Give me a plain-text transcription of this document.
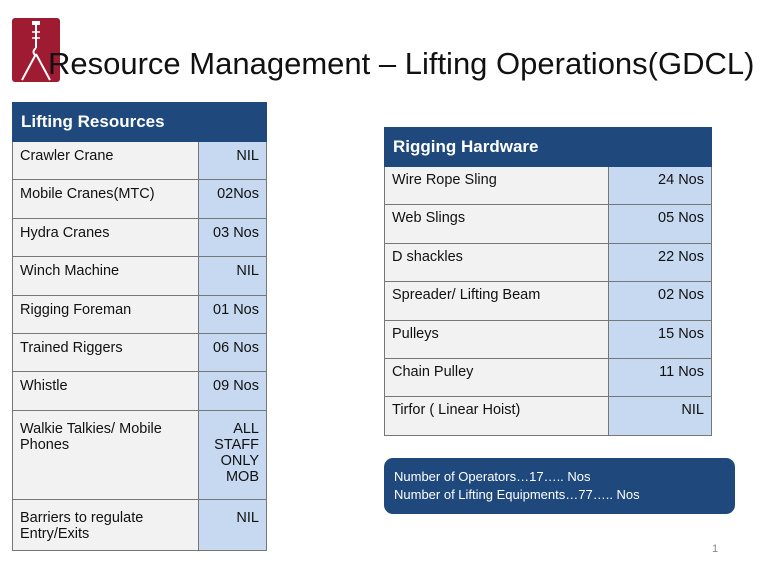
Resource Management – Lifting Operations(GDCL)
Lifting Resources	
Crawler Crane	NIL
Mobile Cranes(MTC)	02Nos
Hydra Cranes	03 Nos
Winch Machine	NIL
Rigging Foreman	01 Nos
Trained Riggers	06 Nos
Whistle	09 Nos
Walkie Talkies/ Mobile Phones	ALL STAFF ONLY MOB
Barriers to regulate Entry/Exits	NIL
Rigging Hardware	
Wire Rope Sling	24 Nos
Web Slings	05 Nos
D shackles	22 Nos
Spreader/ Lifting Beam	02 Nos
Pulleys	15 Nos
Chain Pulley	11 Nos
Tirfor ( Linear Hoist)	NIL
Number of Operators…17….. Nos
Number of Lifting Equipments…77….. Nos
1
